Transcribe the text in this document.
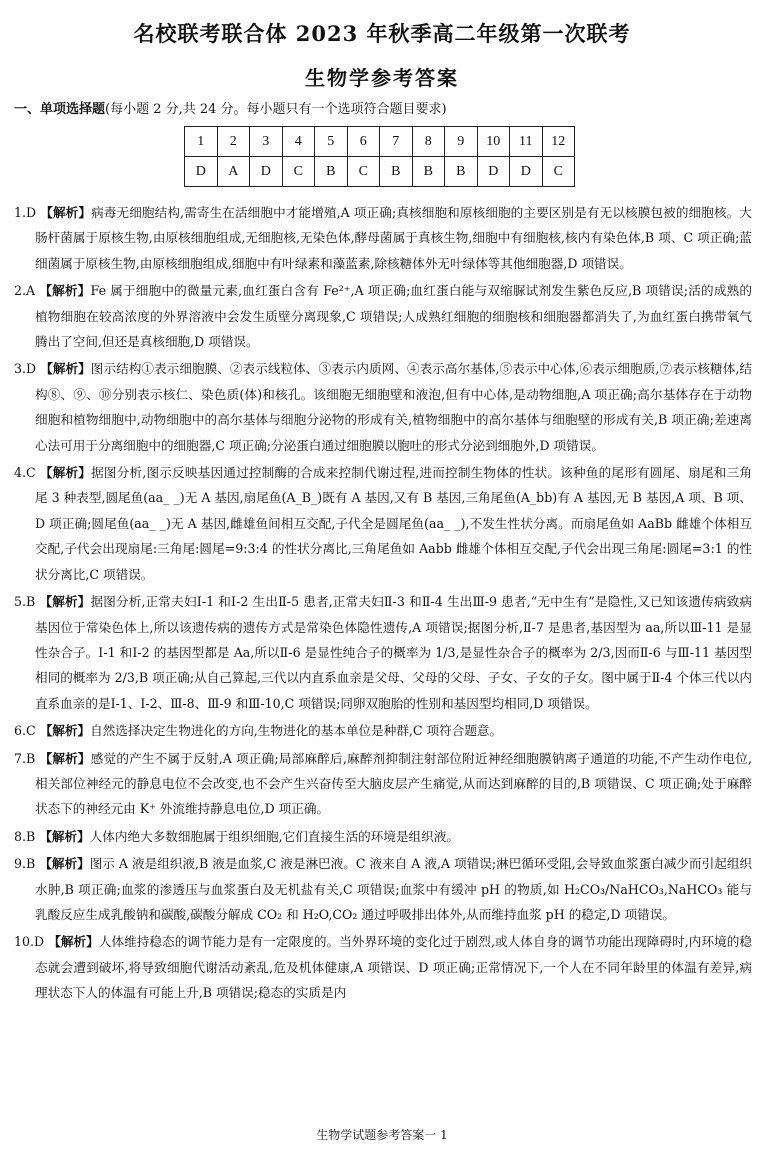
名校联考联合体 2023 年秋季高二年级第一次联考
生物学参考答案
一、单项选择题(每小题 2 分,共 24 分。每小题只有一个选项符合题目要求)
1	2	3	4	5	6	7	8	9	10	11	12
D	A	D	C	B	C	B	B	B	D	D	C

1.D 【解析】病毒无细胞结构,需寄生在活细胞中才能增殖,A 项正确;真核细胞和原核细胞的主要区别是有无以核膜包被的细胞核。大肠杆菌属于原核生物,由原核细胞组成,无细胞核,无染色体,酵母菌属于真核生物,细胞中有细胞核,核内有染色体,B 项、C 项正确;蓝细菌属于原核生物,由原核细胞组成,细胞中有叶绿素和藻蓝素,除核糖体外无叶绿体等其他细胞器,D 项错误。

2.A 【解析】Fe 属于细胞中的微量元素,血红蛋白含有 Fe²⁺,A 项正确;血红蛋白能与双缩脲试剂发生紫色反应,B 项错误;活的成熟的植物细胞在较高浓度的外界溶液中会发生质壁分离现象,C 项错误;人成熟红细胞的细胞核和细胞器都消失了,为血红蛋白携带氧气腾出了空间,但还是真核细胞,D 项错误。

3.D 【解析】图示结构①表示细胞膜、②表示线粒体、③表示内质网、④表示高尔基体,⑤表示中心体,⑥表示细胞质,⑦表示核糖体,结构⑧、⑨、⑩分别表示核仁、染色质(体)和核孔。该细胞无细胞壁和液泡,但有中心体,是动物细胞,A 项正确;高尔基体存在于动物细胞和植物细胞中,动物细胞中的高尔基体与细胞分泌物的形成有关,植物细胞中的高尔基体与细胞壁的形成有关,B 项正确;差速离心法可用于分离细胞中的细胞器,C 项正确;分泌蛋白通过细胞膜以胞吐的形式分泌到细胞外,D 项错误。

4.C 【解析】据图分析,图示反映基因通过控制酶的合成来控制代谢过程,进而控制生物体的性状。该种鱼的尾形有圆尾、扇尾和三角尾 3 种表型,圆尾鱼(aa_ _)无 A 基因,扇尾鱼(A_B_)既有 A 基因,又有 B 基因,三角尾鱼(A_bb)有 A 基因,无 B 基因,A 项、B 项、D 项正确;圆尾鱼(aa_ _)无 A 基因,雌雄鱼间相互交配,子代全是圆尾鱼(aa_ _),不发生性状分离。而扇尾鱼如 AaBb 雌雄个体相互交配,子代会出现扇尾:三角尾:圆尾=9:3:4 的性状分离比,三角尾鱼如 Aabb 雌雄个体相互交配,子代会出现三角尾:圆尾=3:1 的性状分离比,C 项错误。

5.B 【解析】据图分析,正常夫妇Ⅰ-1 和Ⅰ-2 生出Ⅱ-5 患者,正常夫妇Ⅱ-3 和Ⅱ-4 生出Ⅲ-9 患者,“无中生有”是隐性,又已知该遗传病致病基因位于常染色体上,所以该遗传病的遗传方式是常染色体隐性遗传,A 项错误;据图分析,Ⅱ-7 是患者,基因型为 aa,所以Ⅲ-11 是显性杂合子。Ⅰ-1 和Ⅰ-2 的基因型都是 Aa,所以Ⅱ-6 是显性纯合子的概率为 1/3,是显性杂合子的概率为 2/3,因而Ⅱ-6 与Ⅲ-11 基因型相同的概率为 2/3,B 项正确;从自己算起,三代以内直系血亲是父母、父母的父母、子女、子女的子女。图中属于Ⅱ-4 个体三代以内直系血亲的是Ⅰ-1、Ⅰ-2、Ⅲ-8、Ⅲ-9 和Ⅲ-10,C 项错误;同卵双胞胎的性别和基因型均相同,D 项错误。

6.C 【解析】自然选择决定生物进化的方向,生物进化的基本单位是种群,C 项符合题意。

7.B 【解析】感觉的产生不属于反射,A 项正确;局部麻醉后,麻醉剂抑制注射部位附近神经细胞膜钠离子通道的功能,不产生动作电位,相关部位神经元的静息电位不会改变,也不会产生兴奋传至大脑皮层产生痛觉,从而达到麻醉的目的,B 项错误、C 项正确;处于麻醉状态下的神经元由 K⁺ 外流维持静息电位,D 项正确。

8.B 【解析】人体内绝大多数细胞属于组织细胞,它们直接生活的环境是组织液。

9.B 【解析】图示 A 液是组织液,B 液是血浆,C 液是淋巴液。C 液来自 A 液,A 项错误;淋巴循环受阻,会导致血浆蛋白减少而引起组织水肿,B 项正确;血浆的渗透压与血浆蛋白及无机盐有关,C 项错误;血浆中有缓冲 pH 的物质,如 H₂CO₃/NaHCO₃,NaHCO₃ 能与乳酸反应生成乳酸钠和碳酸,碳酸分解成 CO₂ 和 H₂O,CO₂ 通过呼吸排出体外,从而维持血浆 pH 的稳定,D 项错误。

10.D 【解析】人体维持稳态的调节能力是有一定限度的。当外界环境的变化过于剧烈,或人体自身的调节功能出现障碍时,内环境的稳态就会遭到破坏,将导致细胞代谢活动紊乱,危及机体健康,A 项错误、D 项正确;正常情况下,一个人在不同年龄里的体温有差异,病理状态下人的体温有可能上升,B 项错误;稳态的实质是内

生物学试题参考答案一 1
